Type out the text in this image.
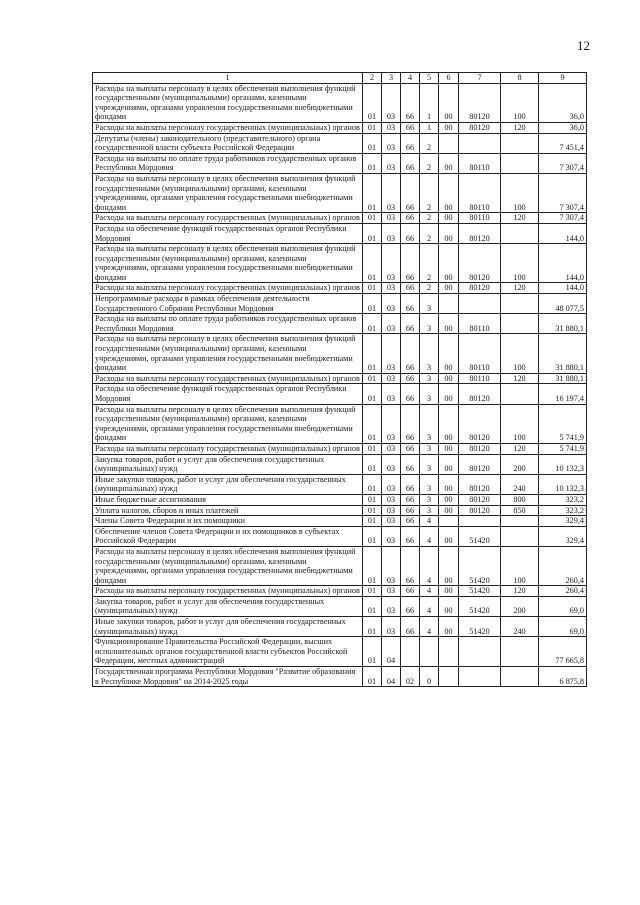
12
1	2	3	4	5	6	7	8	9
Расходы на выплаты персоналу в целях обеспечения выполнения функций государственными (муниципальными) органами, казенными учреждениями, органами управления государственными внебюджетными фондами	01	03	66	1	00	80120	100	36,0
Расходы на выплаты персоналу государственных (муниципальных) органов	01	03	66	1	00	80120	120	36,0
Депутаты (члены) законодательного (представительного) органа государственной власти субъекта Российской Федерации	01	03	66	2				7 451,4
Расходы на выплаты по оплате труда работников государственных органов Республики Мордовия	01	03	66	2	00	80110		7 307,4
Расходы на выплаты персоналу в целях обеспечения выполнения функций государственными (муниципальными) органами, казенными учреждениями, органами управления государственными внебюджетными фондами	01	03	66	2	00	80110	100	7 307,4
Расходы на выплаты персоналу государственных (муниципальных) органов	01	03	66	2	00	80110	120	7 307,4
Расходы на обеспечение функций государственных органов Республики Мордовия	01	03	66	2	00	80120		144,0
Расходы на выплаты персоналу в целях обеспечения выполнения функций государственными (муниципальными) органами, казенными учреждениями, органами управления государственными внебюджетными фондами	01	03	66	2	00	80120	100	144,0
Расходы на выплаты персоналу государственных (муниципальных) органов	01	03	66	2	00	80120	120	144,0
Непрограммные расходы в рамках обеспечения деятельности Государственного Собрания Республики Мордовия	01	03	66	3				48 077,5
Расходы на выплаты по оплате труда работников государственных органов Республики Мордовия	01	03	66	3	00	80110		31 880,1
Расходы на выплаты персоналу в целях обеспечения выполнения функций государственными (муниципальными) органами, казенными учреждениями, органами управления государственными внебюджетными фондами	01	03	66	3	00	80110	100	31 880,1
Расходы на выплаты персоналу государственных (муниципальных) органов	01	03	66	3	00	80110	120	31 880,1
Расходы на обеспечение функций государственных органов Республики Мордовия	01	03	66	3	00	80120		16 197,4
Расходы на выплаты персоналу в целях обеспечения выполнения функций государственными (муниципальными) органами, казенными учреждениями, органами управления государственными внебюджетными фондами	01	03	66	3	00	80120	100	5 741,9
Расходы на выплаты персоналу государственных (муниципальных) органов	01	03	66	3	00	80120	120	5 741,9
Закупка товаров, работ и услуг для обеспечения государственных (муниципальных) нужд	01	03	66	3	00	80120	200	10 132,3
Иные закупки товаров, работ и услуг для обеспечения государственных (муниципальных) нужд	01	03	66	3	00	80120	240	10 132,3
Иные бюджетные ассигнования	01	03	66	3	00	80120	800	323,2
Уплата налогов, сборов и иных платежей	01	03	66	3	00	80120	850	323,2
Члены Совета Федерации и их помощники	01	03	66	4				329,4
Обеспечение членов Совета Федерации и их помощников в субъектах Российской Федерации	01	03	66	4	00	51420		329,4
Расходы на выплаты персоналу в целях обеспечения выполнения функций государственными (муниципальными) органами, казенными учреждениями, органами управления государственными внебюджетными фондами	01	03	66	4	00	51420	100	260,4
Расходы на выплаты персоналу государственных (муниципальных) органов	01	03	66	4	00	51420	120	260,4
Закупка товаров, работ и услуг для обеспечения государственных (муниципальных) нужд	01	03	66	4	00	51420	200	69,0
Иные закупки товаров, работ и услуг для обеспечения государственных (муниципальных) нужд	01	03	66	4	00	51420	240	69,0
Функционирование Правительства Российской Федерации, высших исполнительных органов государственной власти субъектов Российской Федерации, местных администраций	01	04						77 665,8
Государственная программа Республики Мордовия "Развитие образования в Республике Мордовия" на 2014-2025 годы	01	04	02	0				6 875,8
